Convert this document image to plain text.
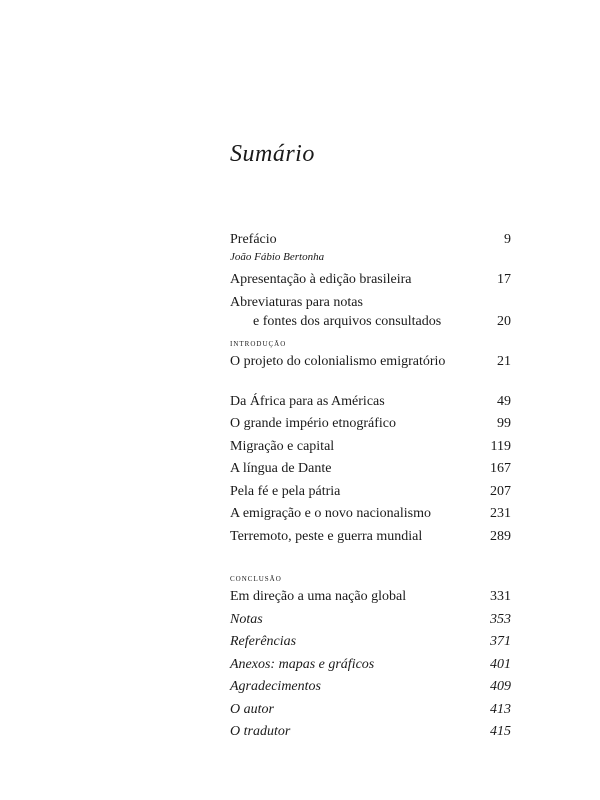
Sumário
Prefácio	9
João Fábio Bertonha
Apresentação à edição brasileira	17
Abreviaturas para notas
e fontes dos arquivos consultados	20
introdução
O projeto do colonialismo emigratório	21
Da África para as Américas	49
O grande império etnográfico	99
Migração e capital	119
A língua de Dante	167
Pela fé e pela pátria	207
A emigração e o novo nacionalismo	231
Terremoto, peste e guerra mundial	289
conclusão
Em direção a uma nação global	331
Notas	353
Referências	371
Anexos: mapas e gráficos	401
Agradecimentos	409
O autor	413
O tradutor	415
